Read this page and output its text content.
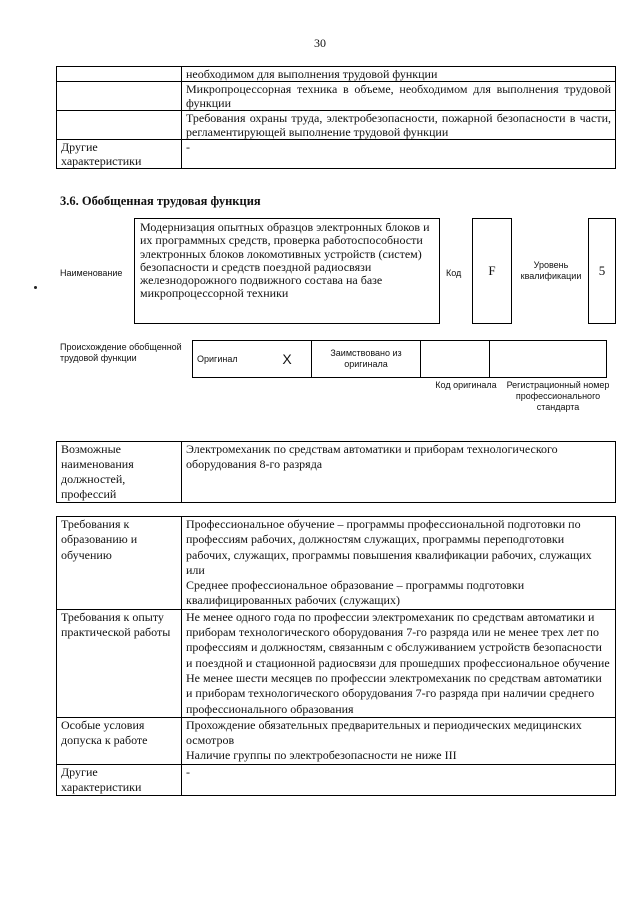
30
	необходимом для выполнения трудовой функции
	Микропроцессорная техника в объеме, необходимом для выполнения трудовой функции
	Требования охраны труда, электробезопасности, пожарной безопасности в части, регламентирующей выполнение трудовой функции
Другие характеристики	-
3.6. Обобщенная трудовая функция
Наименование
Модернизация опытных образцов электронных блоков и их программных средств, проверка работоспособности электронных блоков локомотивных устройств (систем) безопасности и средств поездной радиосвязи железнодорожного подвижного состава на базе микропроцессорной техники
Код	F	Уровень квалификации	5
Происхождение обобщенной трудовой функции	Оригинал	X	Заимствовано из оригинала		
Код оригинала	Регистрационный номер профессионального стандарта
Возможные наименования должностей, профессий	Электромеханик по средствам автоматики и приборам технологического оборудования 8-го разряда
Требования к образованию и обучению	Профессиональное обучение – программы профессиональной подготовки по профессиям рабочих, должностям служащих, программы переподготовки рабочих, служащих, программы повышения квалификации рабочих, служащих
или
Среднее профессиональное образование – программы подготовки квалифицированных рабочих (служащих)

Требования к опыту практической работы	Не менее одного года по профессии электромеханик по средствам автоматики и приборам технологического оборудования 7-го разряда или не менее трех лет по профессиям и должностям, связанным с обслуживанием устройств безопасности и поездной и стационной радиосвязи для прошедших профессиональное обучение
Не менее шести месяцев по профессии электромеханик по средствам автоматики и приборам технологического оборудования 7-го разряда при наличии среднего профессионального образования

Особые условия допуска к работе	Прохождение обязательных предварительных и периодических медицинских осмотров
Наличие группы по электробезопасности не ниже III

Другие характеристики	-
